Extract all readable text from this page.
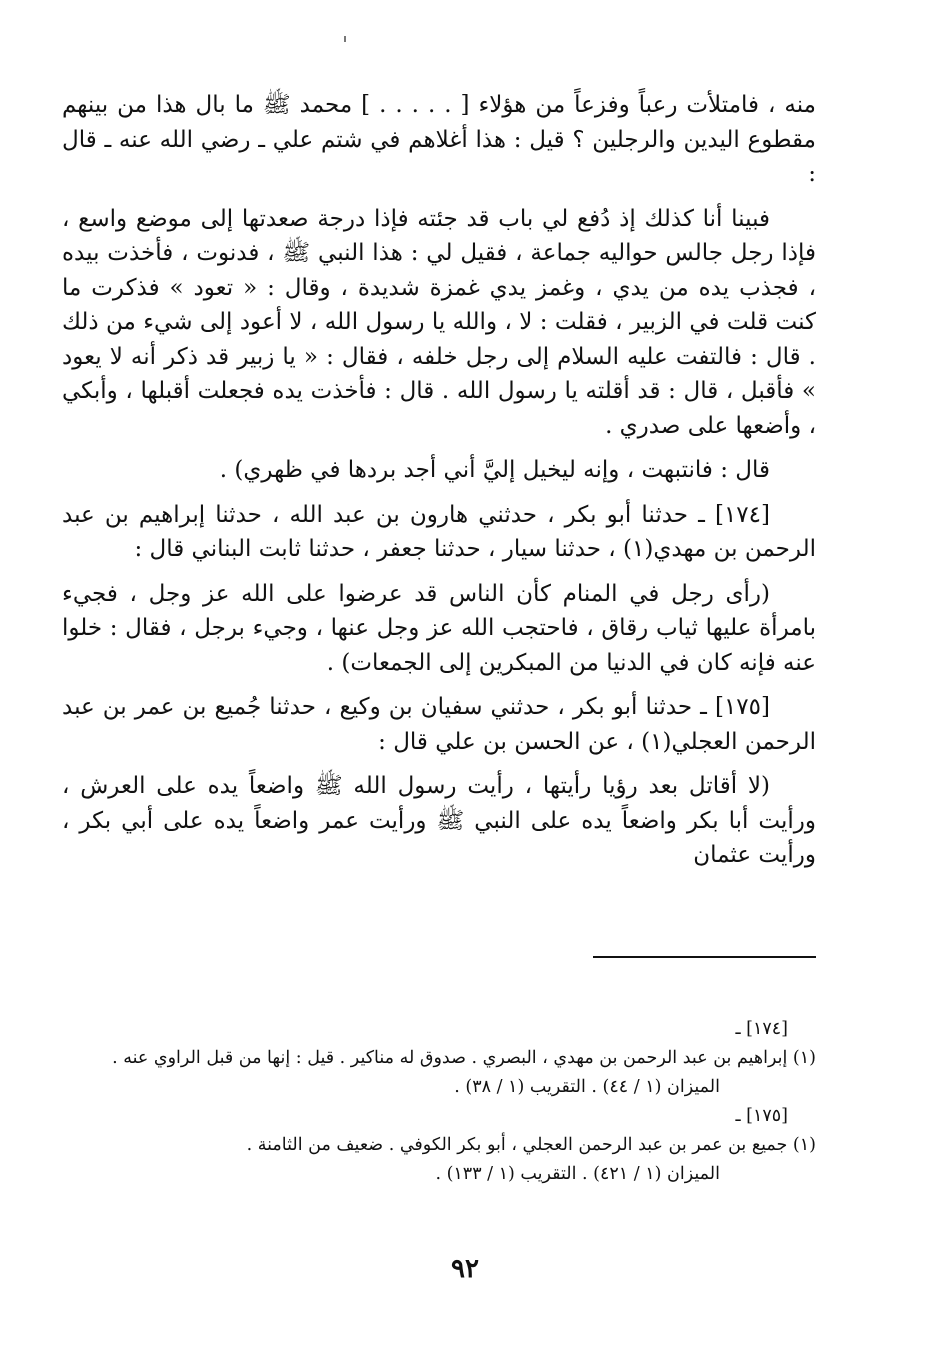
منه ، فامتلأت رعباً وفزعاً من هؤلاء [ . . . . . ] محمد ﷺ ما بال هذا من بينهم مقطوع اليدين والرجلين ؟ قيل : هذا أغلاهم في شتم علي ـ رضي الله عنه ـ قال :

فبينا أنا كذلك إذ دُفع لي باب قد جئته فإذا درجة صعدتها إلى موضع واسع ، فإذا رجل جالس حواليه جماعة ، فقيل لي : هذا النبي ﷺ ، فدنوت ، فأخذت بيده ، فجذب يده من يدي ، وغمز يدي غمزة شديدة ، وقال : « تعود » فذكرت ما كنت قلت في الزبير ، فقلت : لا ، والله يا رسول الله ، لا أعود إلى شيء من ذلك . قال : فالتفت عليه السلام إلى رجل خلفه ، فقال : « يا زبير قد ذكر أنه لا يعود » فأقبل ، قال : قد أقلته يا رسول الله . قال : فأخذت يده فجعلت أقبلها ، وأبكي ، وأضعها على صدري .

قال : فانتبهت ، وإنه ليخيل إليَّ أني أجد بردها في ظهري) .

[١٧٤] ـ حدثنا أبو بكر ، حدثني هارون بن عبد الله ، حدثنا إبراهيم بن عبد الرحمن بن مهدي(١) ، حدثنا سيار ، حدثنا جعفر ، حدثنا ثابت البناني قال :

(رأى رجل في المنام كأن الناس قد عرضوا على الله عز وجل ، فجيء بامرأة عليها ثياب رقاق ، فاحتجب الله عز وجل عنها ، وجيء برجل ، فقال : خلوا عنه فإنه كان في الدنيا من المبكرين إلى الجمعات) .

[١٧٥] ـ حدثنا أبو بكر ، حدثني سفيان بن وكيع ، حدثنا جُميع بن عمر بن عبد الرحمن العجلي(١) ، عن الحسن بن علي قال :

(لا أقاتل بعد رؤيا رأيتها ، رأيت رسول الله ﷺ واضعاً يده على العرش ، ورأيت أبا بكر واضعاً يده على النبي ﷺ ورأيت عمر واضعاً يده على أبي بكر ، ورأيت عثمان

[١٧٤] ـ

(١) إبراهيم بن عبد الرحمن بن مهدي ، البصري . صدوق له مناكير . قيل : إنها من قبل الراوي عنه .

الميزان (١ / ٤٤) . التقريب (١ / ٣٨) .

[١٧٥] ـ

(١) جميع بن عمر بن عبد الرحمن العجلي ، أبو بكر الكوفي . ضعيف من الثامنة .

الميزان (١ / ٤٢١) . التقريب (١ / ١٣٣) .

٩٢
